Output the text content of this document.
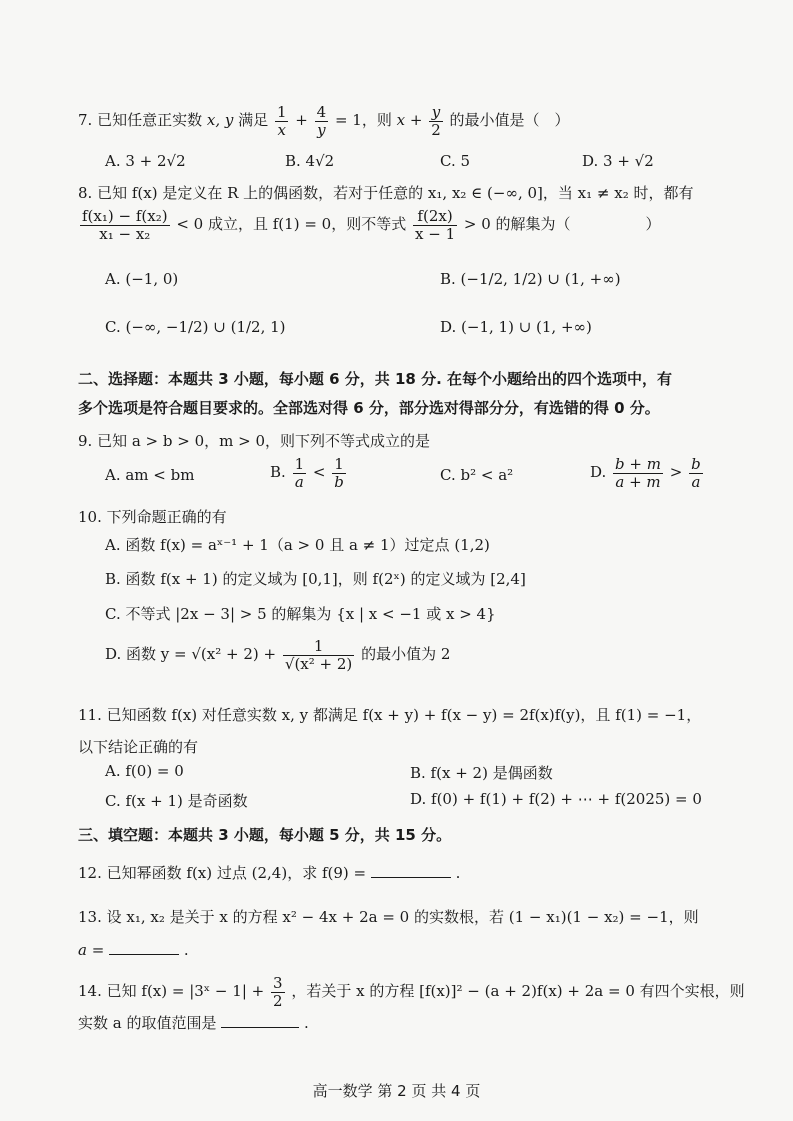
7. 已知任意正实数 x, y 满足 $\frac{1}{x} + \frac{4}{y} = 1$，则 $x + \frac{y}{2}$ 的最小值是（　）
A. 3 + 2√2	B. 4√2	C. 5	D. 3 + √2
8. 已知 f(x) 是定义在 R 上的偶函数，若对于任意的 x₁, x₂ ∈ (−∞, 0]，当 x₁ ≠ x₂ 时，都有
$\frac{\text{f(x₁) − f(x₂)}}{\text{x₁ − x₂}} < 0$ 成立，且 f(1) = 0，则不等式 $\frac{f(2x)}{x - 1} > 0$ 的解集为（　　　　　）
A. (−1, 0)	B. (−1/2, 1/2) ∪ (1, +∞)
C. (−∞, −1/2) ∪ (1/2, 1)	D. (−1, 1) ∪ (1, +∞)
二、选择题：本题共 3 小题，每小题 6 分，共 18 分. 在每个小题给出的四个选项中，有
多个选项是符合题目要求的。全部选对得 6 分，部分选对得部分分，有选错的得 0 分。
9. 已知 a > b > 0，m > 0，则下列不等式成立的是
A. am < bm	B. $\frac{1}{a} < \frac{1}{b}$	C. b² < a²	D. $\frac{b + m}{a + m} > \frac{b}{a}$
10. 下列命题正确的有
A. 函数 f(x) = aˣ⁻¹ + 1（a > 0 且 a ≠ 1）过定点 (1,2)
B. 函数 f(x + 1) 的定义域为 [0,1]，则 f(2ˣ) 的定义域为 [2,4]
C. 不等式 |2x − 3| > 5 的解集为 {x | x < −1 或 x > 4}
D. 函数 $y = √(x^2 + 2) + \frac{1}{\text{√(x² + 2)}}$ 的最小值为 2
11. 已知函数 f(x) 对任意实数 x, y 都满足 f(x + y) + f(x − y) = 2f(x)f(y)，且 f(1) = −1，
以下结论正确的有
A. f(0) = 0	B. f(x + 2) 是偶函数
C. f(x + 1) 是奇函数	D. f(0) + f(1) + f(2) + ⋯ + f(2025) = 0
三、填空题：本题共 3 小题，每小题 5 分，共 15 分。
12. 已知幂函数 f(x) 过点 (2,4)，求 f(9) =	.
13. 设 x₁, x₂ 是关于 x 的方程 x² − 4x + 2a = 0 的实数根，若 (1 − x₁)(1 − x₂) = −1，则
a =	.
14. 已知 f(x) = |3ˣ − $1| + \frac{3}{2}$ ，若关于 x 的方程 [f(x)]² − (a + 2)f(x) + 2a = 0 有四个实根，则
实数 a 的取值范围是	.
高一数学 第 2 页 共 4 页
